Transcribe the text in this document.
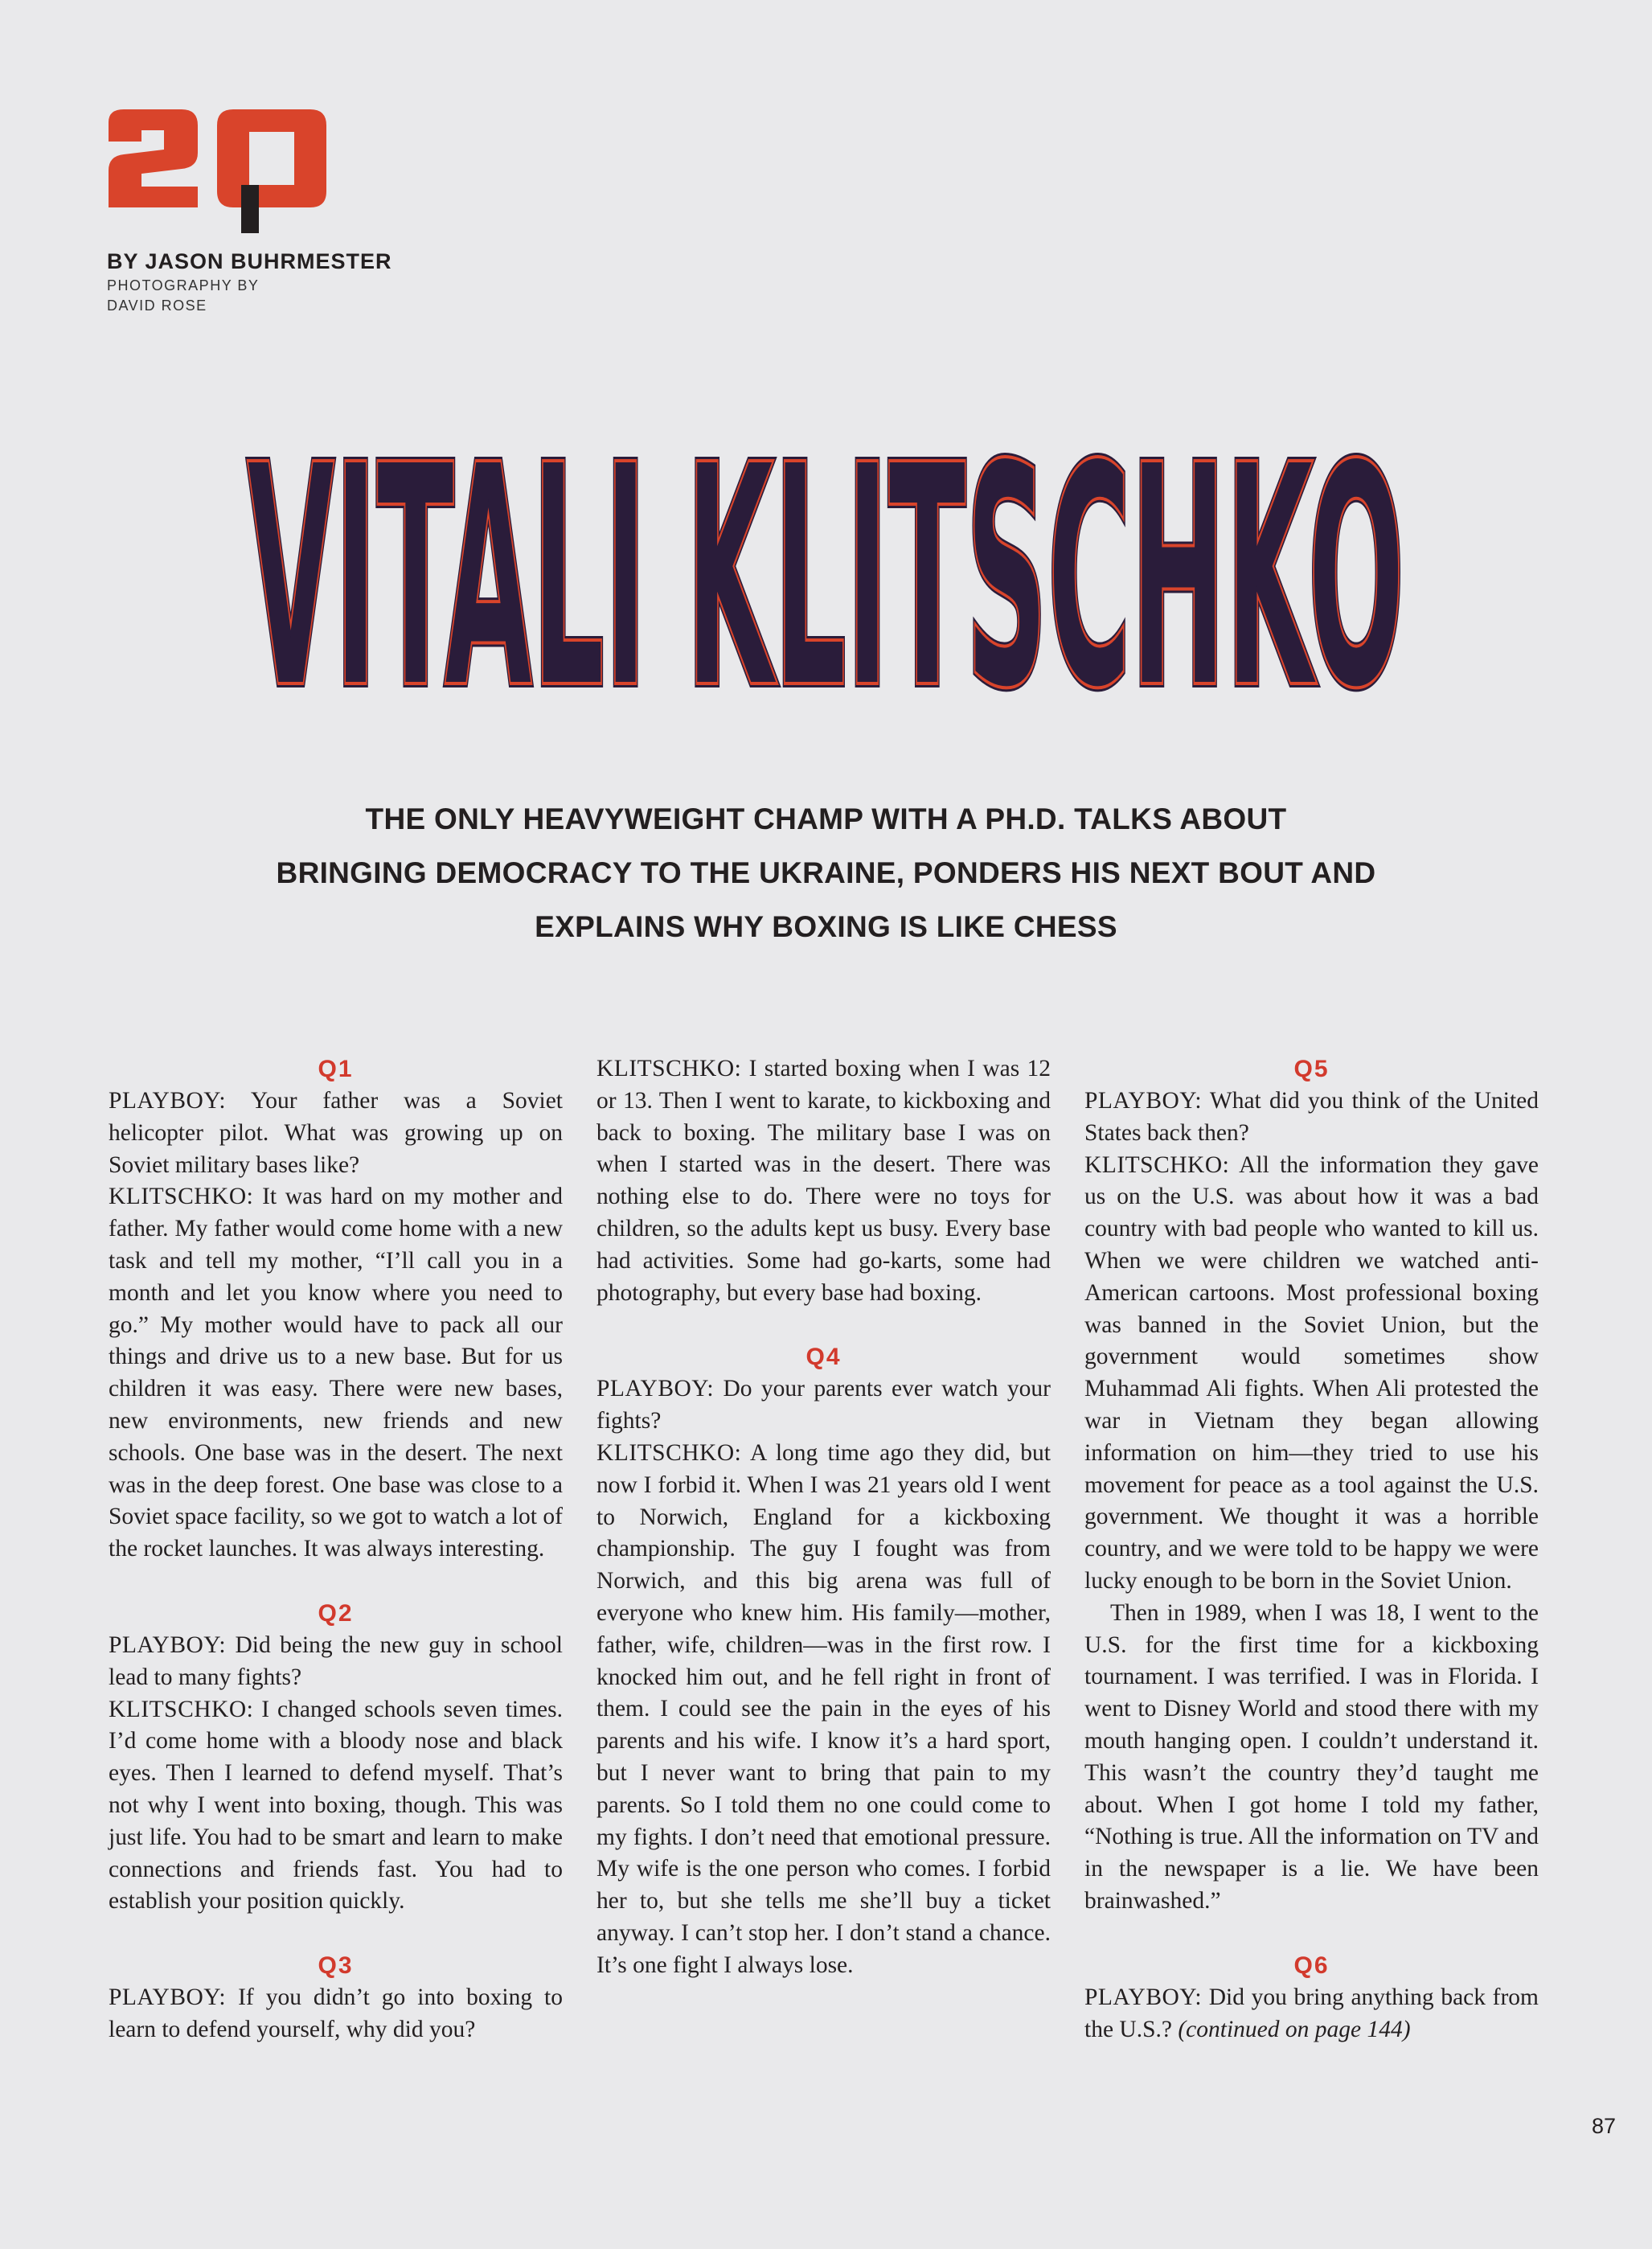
BY JASON BUHRMESTER
PHOTOGRAPHY BY
DAVID ROSE
VITALI KLITSCHKO
VITALI KLITSCHKO
THE ONLY HEAVYWEIGHT CHAMP WITH A PH.D. TALKS ABOUT
BRINGING DEMOCRACY TO THE UKRAINE, PONDERS HIS NEXT BOUT AND
EXPLAINS WHY BOXING IS LIKE CHESS
Q1

PLAYBOY: Your father was a Soviet helicopter pilot. What was growing up on Soviet military bases like?

KLITSCHKO: It was hard on my mother and father. My father would come home with a new task and tell my mother, “I’ll call you in a month and let you know where you need to go.” My mother would have to pack all our things and drive us to a new base. But for us children it was easy. There were new bases, new environments, new friends and new schools. One base was in the desert. The next was in the deep forest. One base was close to a Soviet space facility, so we got to watch a lot of the rocket launches. It was always interesting.

Q2

PLAYBOY: Did being the new guy in school lead to many fights?

KLITSCHKO: I changed schools seven times. I’d come home with a bloody nose and black eyes. Then I learned to defend myself. That’s not why I went into boxing, though. This was just life. You had to be smart and learn to make connections and friends fast. You had to establish your position quickly.

Q3

PLAYBOY: If you didn’t go into boxing to learn to defend yourself, why did you?

KLITSCHKO: I started boxing when I was 12 or 13. Then I went to karate, to kickboxing and back to boxing. The military base I was on when I started was in the desert. There was nothing else to do. There were no toys for children, so the adults kept us busy. Every base had activities. Some had go-karts, some had photography, but every base had boxing.

Q4

PLAYBOY: Do your parents ever watch your fights?

KLITSCHKO: A long time ago they did, but now I forbid it. When I was 21 years old I went to Norwich, England for a kickboxing championship. The guy I fought was from Norwich, and this big arena was full of everyone who knew him. His family—mother, father, wife, children—was in the first row. I knocked him out, and he fell right in front of them. I could see the pain in the eyes of his parents and his wife. I know it’s a hard sport, but I never want to bring that pain to my parents. So I told them no one could come to my fights. I don’t need that emotional pressure. My wife is the one person who comes. I forbid her to, but she tells me she’ll buy a ticket anyway. I can’t stop her. I don’t stand a chance. It’s one fight I always lose.

Q5

PLAYBOY: What did you think of the United States back then?

KLITSCHKO: All the information they gave us on the U.S. was about how it was a bad country with bad people who wanted to kill us. When we were children we watched anti-American cartoons. Most professional boxing was banned in the Soviet Union, but the government would sometimes show Muhammad Ali fights. When Ali protested the war in Vietnam they began allowing information on him—they tried to use his movement for peace as a tool against the U.S. government. We thought it was a horrible country, and we were told to be happy we were lucky enough to be born in the Soviet Union.

Then in 1989, when I was 18, I went to the U.S. for the first time for a kickboxing tournament. I was terrified. I was in Florida. I went to Disney World and stood there with my mouth hanging open. I couldn’t understand it. This wasn’t the country they’d taught me about. When I got home I told my father, “Nothing is true. All the information on TV and in the newspaper is a lie. We have been brainwashed.”

Q6

PLAYBOY: Did you bring anything back from the U.S.? (continued on page 144)

87
